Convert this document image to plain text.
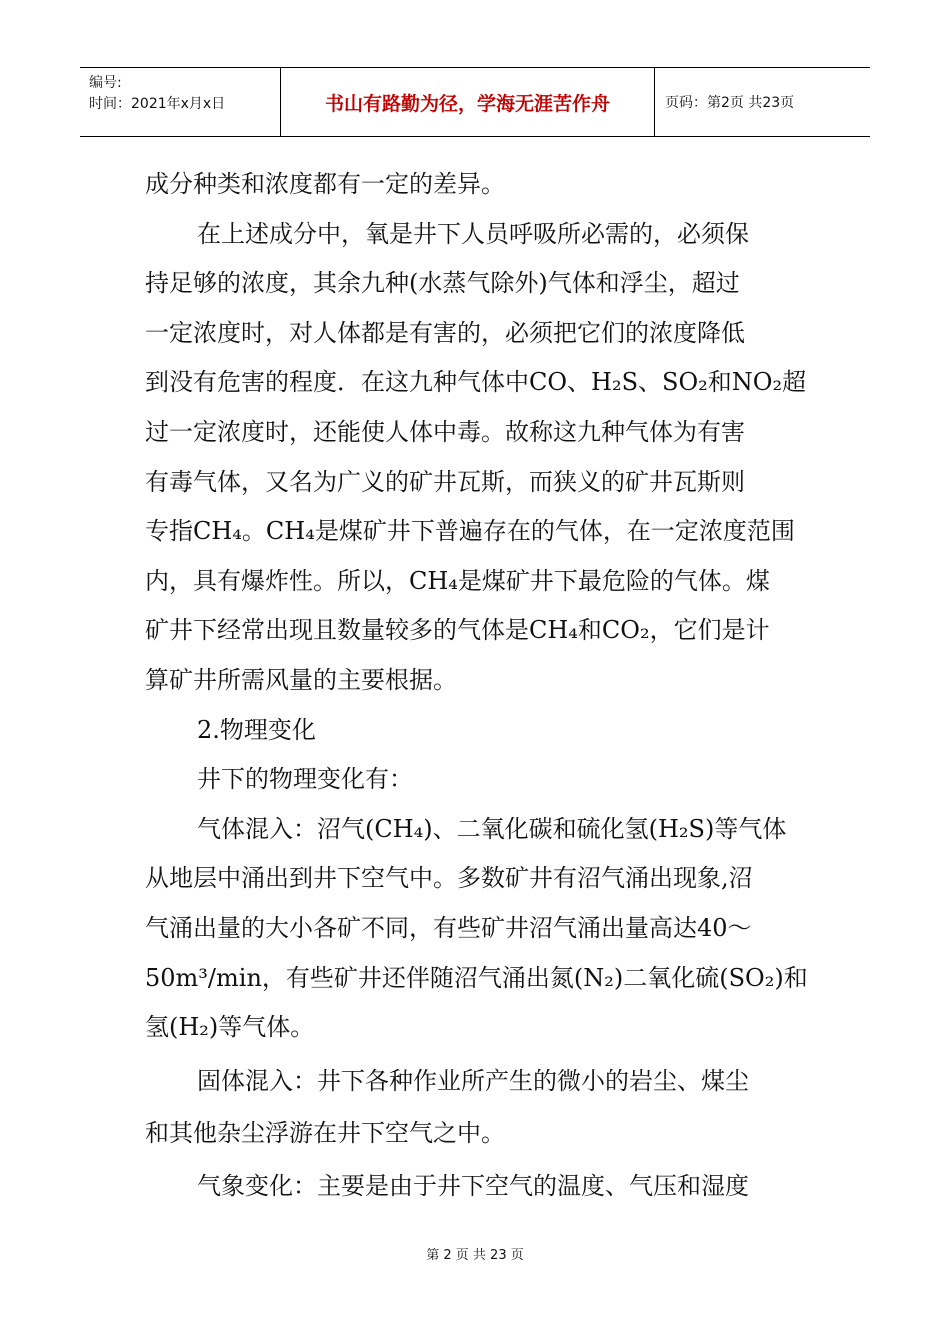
编号:
时间：2021年x月x日	书山有路勤为径，学海无涯苦作舟	页码：第2页 共23页
成分种类和浓度都有一定的差异。
在上述成分中，氧是井下人员呼吸所必需的，必须保
持足够的浓度，其余九种(水蒸气除外)气体和浮尘，超过
一定浓度时，对人体都是有害的，必须把它们的浓度降低
到没有危害的程度．在这九种气体中CO、H₂S、SO₂和NO₂超
过一定浓度时，还能使人体中毒。故称这九种气体为有害
有毒气体，又名为广义的矿井瓦斯，而狭义的矿井瓦斯则
专指CH₄。CH₄是煤矿井下普遍存在的气体，在一定浓度范围
内，具有爆炸性。所以，CH₄是煤矿井下最危险的气体。煤
矿井下经常出现且数量较多的气体是CH₄和CO₂，它们是计
算矿井所需风量的主要根据。
2.物理变化
井下的物理变化有：
气体混入：沼气(CH₄)、二氧化碳和硫化氢(H₂S)等气体
从地层中涌出到井下空气中。多数矿井有沼气涌出现象,沼
气涌出量的大小各矿不同，有些矿井沼气涌出量高达40～
50m³/min，有些矿井还伴随沼气涌出氮(N₂)二氧化硫(SO₂)和
氢(H₂)等气体。
固体混入：井下各种作业所产生的微小的岩尘、煤尘
和其他杂尘浮游在井下空气之中。
气象变化：主要是由于井下空气的温度、气压和湿度
第 2 页 共 23 页
